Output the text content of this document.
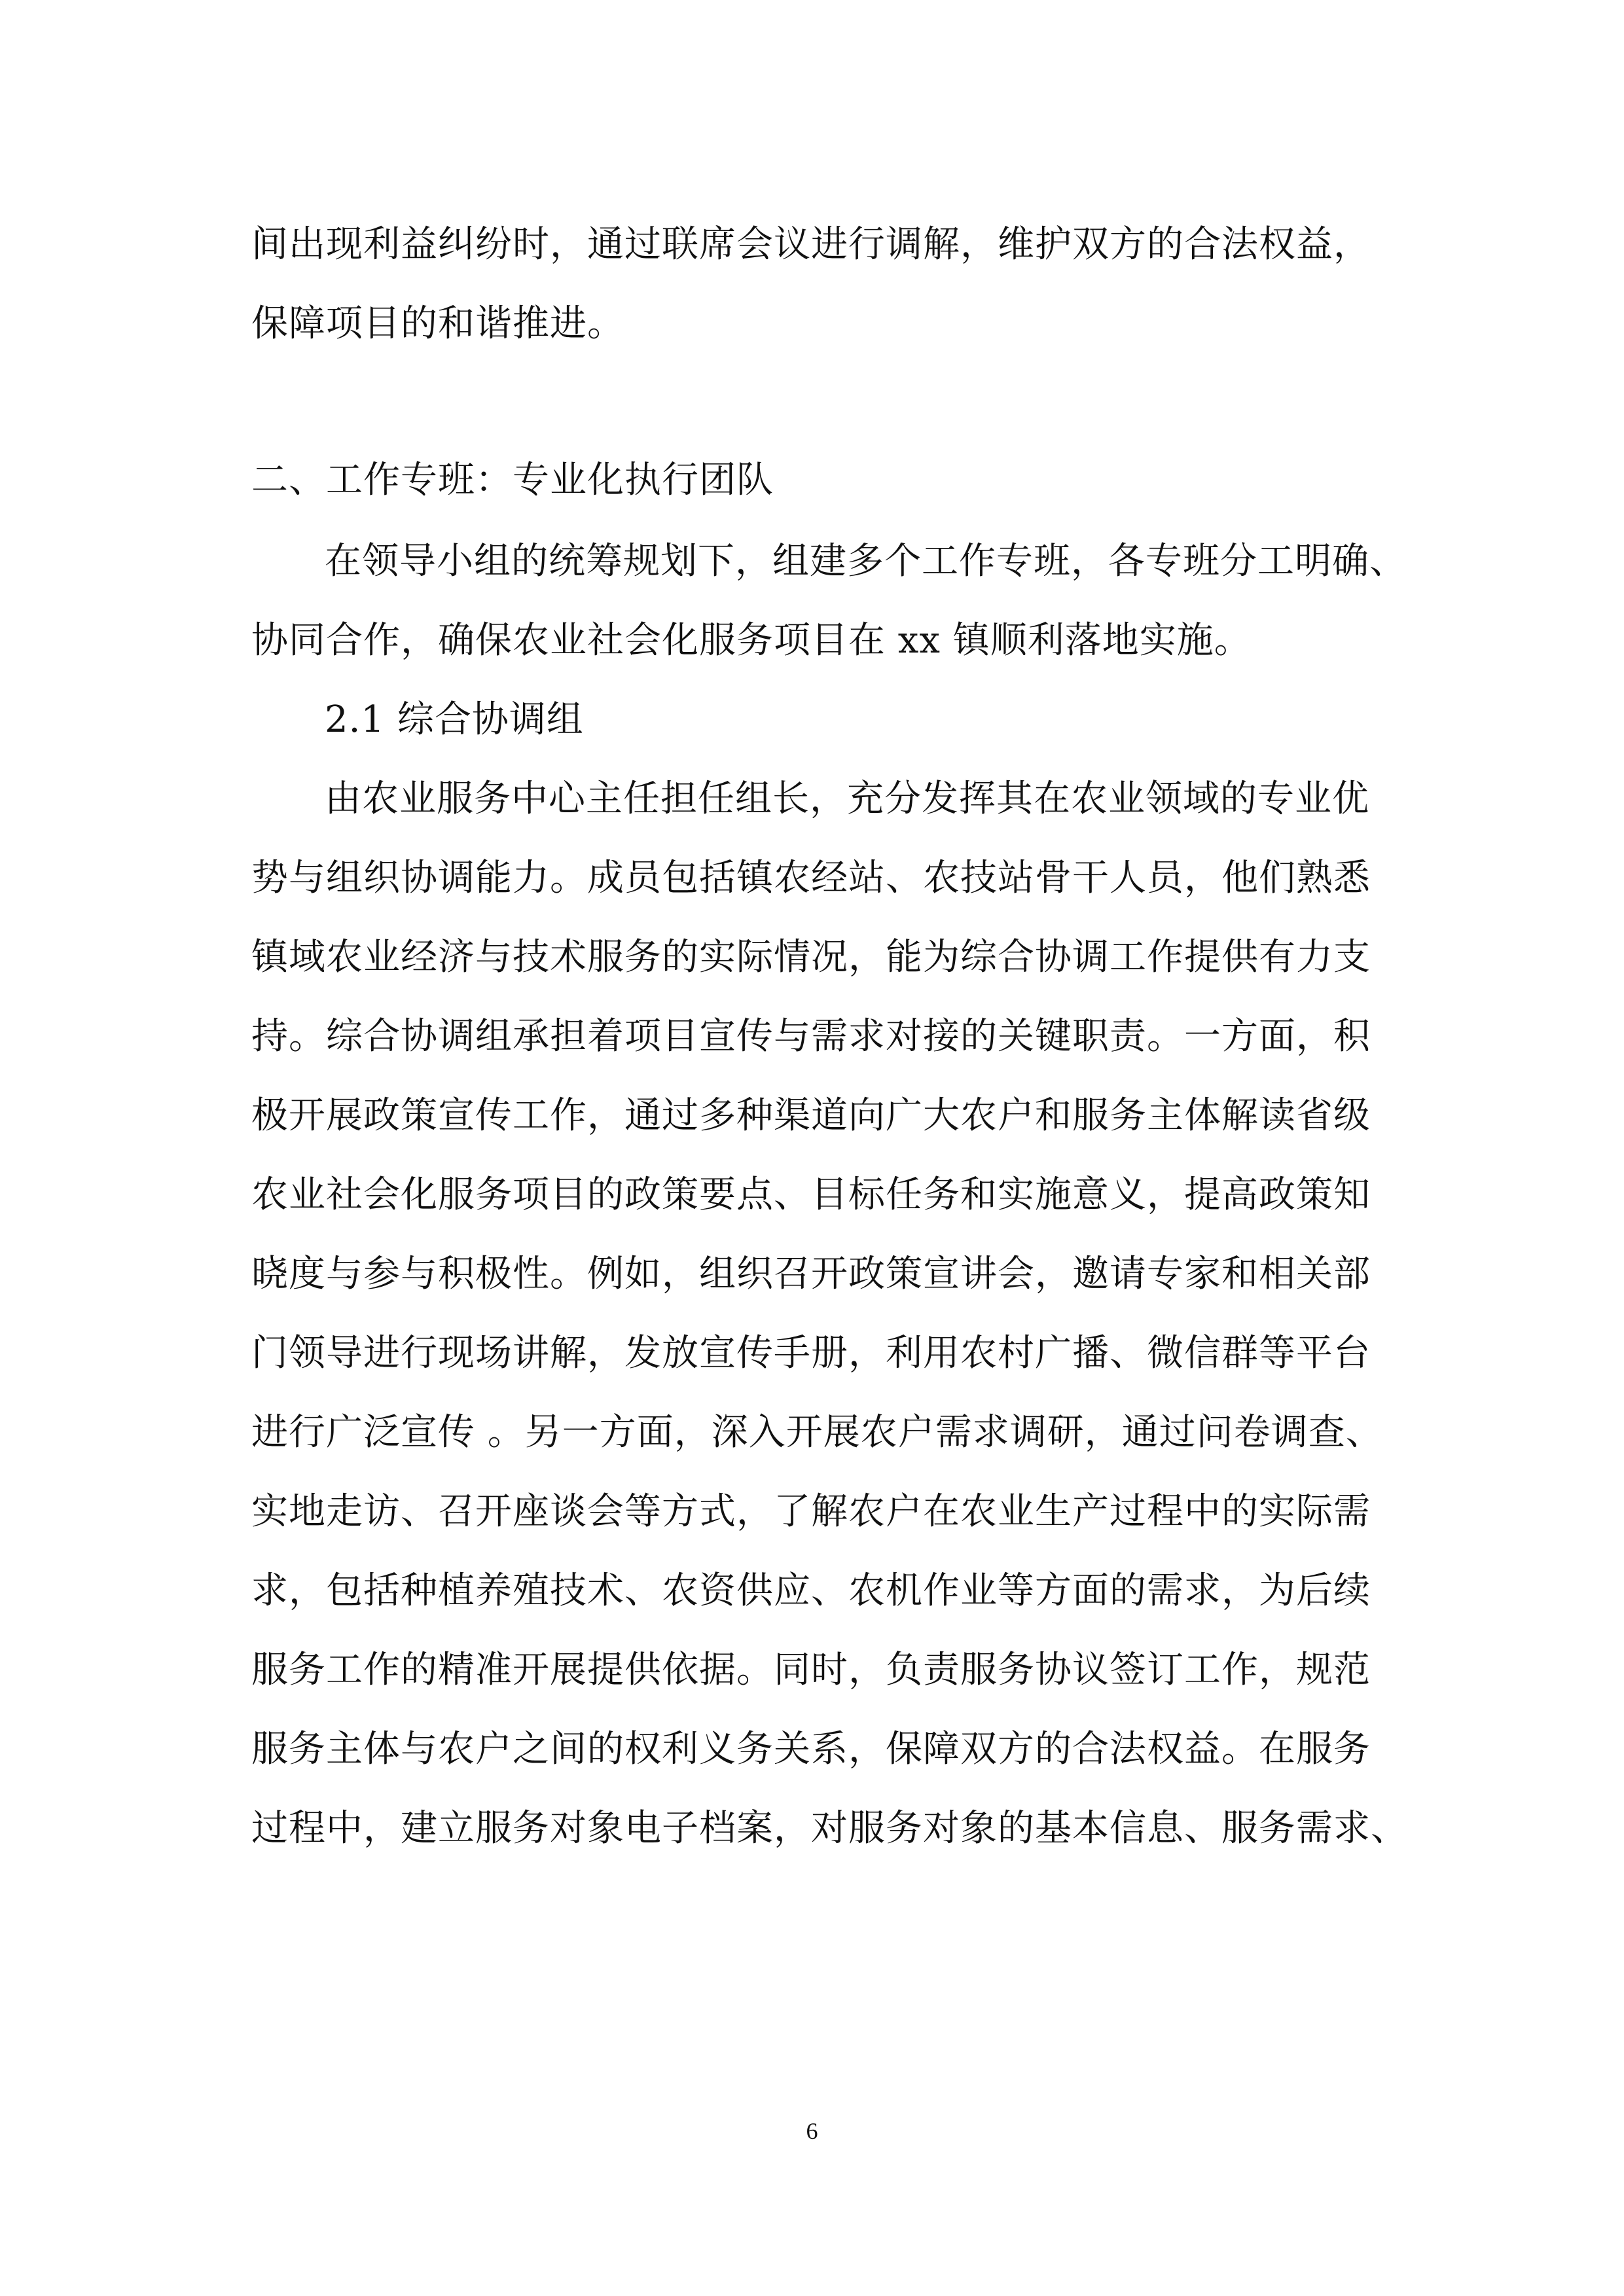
间出现利益纠纷时，通过联席会议进行调解，维护双方的合法权益，
保障项目的和谐推进。
二、工作专班：专业化执行团队
在领导小组的统筹规划下，组建多个工作专班，各专班分工明确、
协同合作，确保农业社会化服务项目在 xx 镇顺利落地实施。
2.1 综合协调组
由农业服务中心主任担任组长，充分发挥其在农业领域的专业优
势与组织协调能力。成员包括镇农经站、农技站骨干人员，他们熟悉
镇域农业经济与技术服务的实际情况，能为综合协调工作提供有力支
持。综合协调组承担着项目宣传与需求对接的关键职责。一方面，积
极开展政策宣传工作，通过多种渠道向广大农户和服务主体解读省级
农业社会化服务项目的政策要点、目标任务和实施意义，提高政策知
晓度与参与积极性。例如，组织召开政策宣讲会，邀请专家和相关部
门领导进行现场讲解，发放宣传手册，利用农村广播、微信群等平台
进行广泛宣传 。另一方面，深入开展农户需求调研，通过问卷调查、
实地走访、召开座谈会等方式，了解农户在农业生产过程中的实际需
求，包括种植养殖技术、农资供应、农机作业等方面的需求，为后续
服务工作的精准开展提供依据。同时，负责服务协议签订工作，规范
服务主体与农户之间的权利义务关系，保障双方的合法权益。在服务
过程中，建立服务对象电子档案，对服务对象的基本信息、服务需求、
6
